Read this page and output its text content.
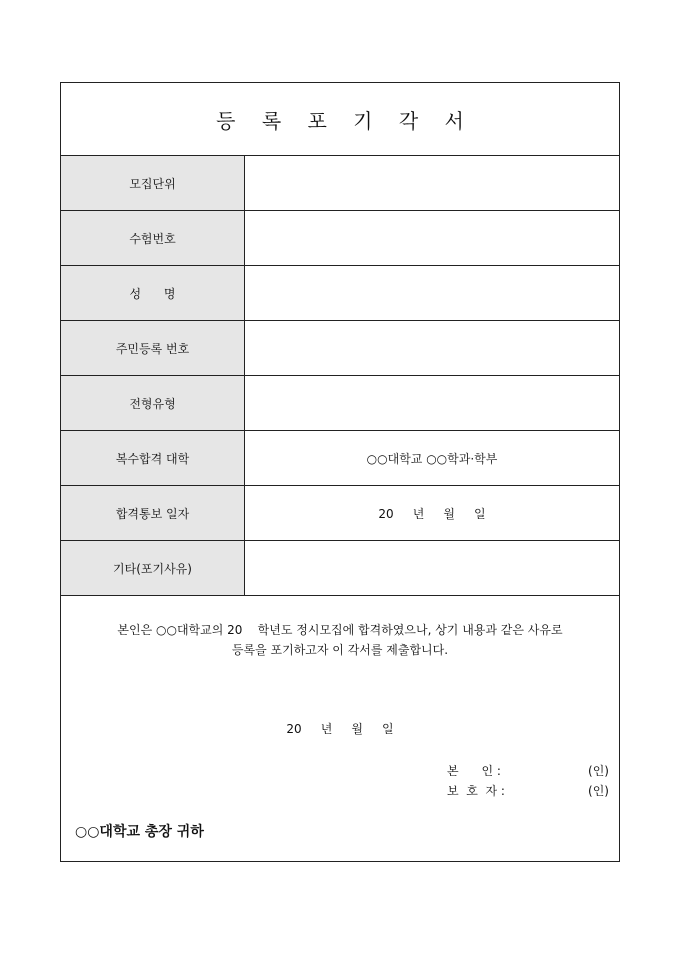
등 록 포 기 각 서
모집단위
수험번호
성      명
주민등록 번호
전형유형
복수합격 대학	○○대학교 ○○학과·학부
합격통보 일자	20     년     월     일
기타(포기사유)
본인은 ○○대학교의 20    학년도 정시모집에 합격하였으나, 상기 내용과 같은 사유로
등록을 포기하고자 이 각서를 제출합니다.
20     년     월     일
본      인 :	(인)
보  호  자 :	(인)
○○대학교 총장 귀하
